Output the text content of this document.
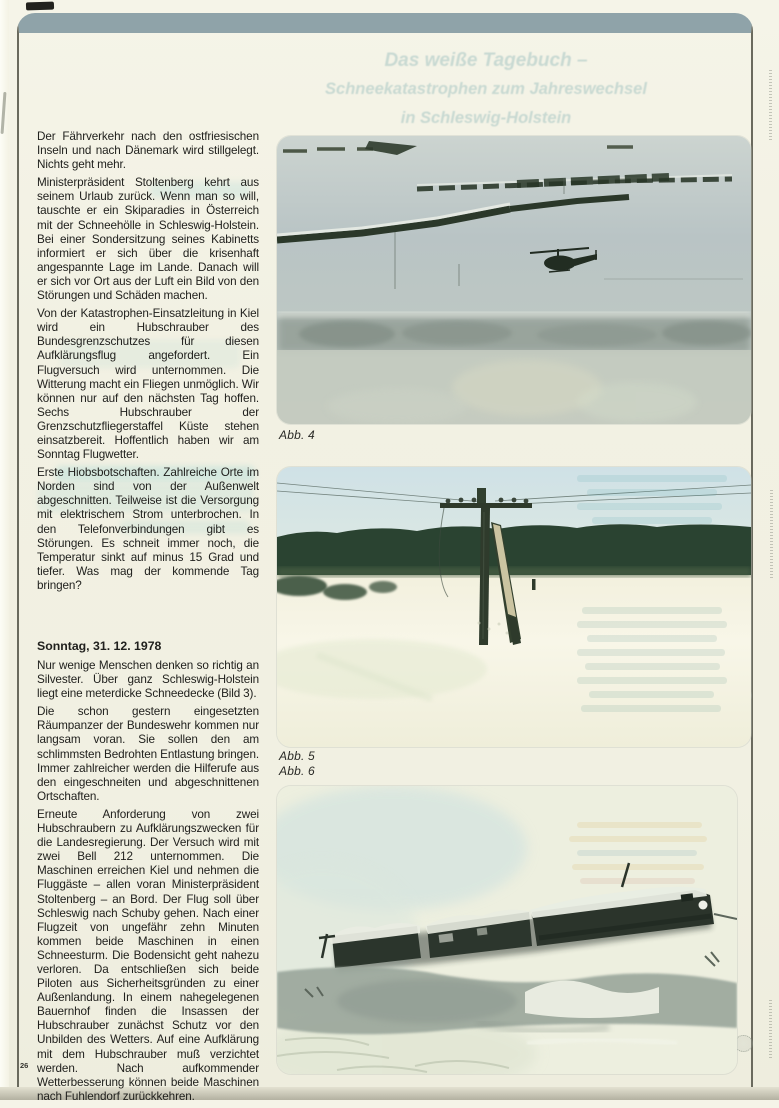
Das weiße Tagebuch –
Schneekatastrophen zum Jahreswechsel
in Schleswig-Holstein

Der Fährverkehr nach den ostfriesischen Inseln und nach Dänemark wird stillgelegt. Nichts geht mehr.

Ministerpräsident Stoltenberg kehrt aus seinem Urlaub zurück. Wenn man so will, tauschte er ein Skiparadies in Österreich mit der Schneehölle in Schleswig-Holstein. Bei einer Sondersitzung seines Kabinetts informiert er sich über die krisenhaft angespannte Lage im Lande. Danach will er sich vor Ort aus der Luft ein Bild von den Störungen und Schäden machen.

Von der Katastrophen-Einsatzleitung in Kiel wird ein Hubschrauber des Bundesgrenzschutzes für diesen Aufklärungsflug angefordert. Ein Flugversuch wird unternommen. Die Witterung macht ein Fliegen unmöglich. Wir können nur auf den nächsten Tag hoffen. Sechs Hubschrauber der Grenzschutzfliegerstaffel Küste stehen einsatzbereit. Hoffentlich haben wir am Sonntag Flugwetter.

Erste Hiobsbotschaften. Zahlreiche Orte im Norden sind von der Außenwelt abgeschnitten. Teilweise ist die Versorgung mit elektrischem Strom unterbrochen. In den Telefonverbindungen gibt es Störungen. Es schneit immer noch, die Temperatur sinkt auf minus 15 Grad und tiefer. Was mag der kommende Tag bringen?

Sonntag, 31. 12. 1978

Nur wenige Menschen denken so richtig an Silvester. Über ganz Schleswig-Holstein liegt eine meterdicke Schneedecke (Bild 3).

Die schon gestern eingesetzten Räumpanzer der Bundeswehr kommen nur langsam voran. Sie sollen den am schlimmsten Bedrohten Entlastung bringen. Immer zahlreicher werden die Hilferufe aus den eingeschneiten und abgeschnittenen Ortschaften.

Erneute Anforderung von zwei Hubschraubern zu Aufklärungszwecken für die Landesregierung. Der Versuch wird mit zwei Bell 212 unternommen. Die Maschinen erreichen Kiel und nehmen die Fluggäste – allen voran Ministerpräsident Stoltenberg – an Bord. Der Flug soll über Schleswig nach Schuby gehen. Nach einer Flugzeit von ungefähr zehn Minuten kommen beide Maschinen in einen Schneesturm. Die Bodensicht geht nahezu verloren. Da entschließen sich beide Piloten aus Sicherheitsgründen zu einer Außenlandung. In einem nahegelegenen Bauernhof finden die Insassen der Hubschrauber zunächst Schutz vor den Unbilden des Wetters. Auf eine Aufklärung mit dem Hubschrauber muß verzichtet werden. Nach aufkommender Wetterbesserung können beide Maschinen nach Fuhlendorf zurückkehren.

26
Abb. 4
Abb. 5
Abb. 6
